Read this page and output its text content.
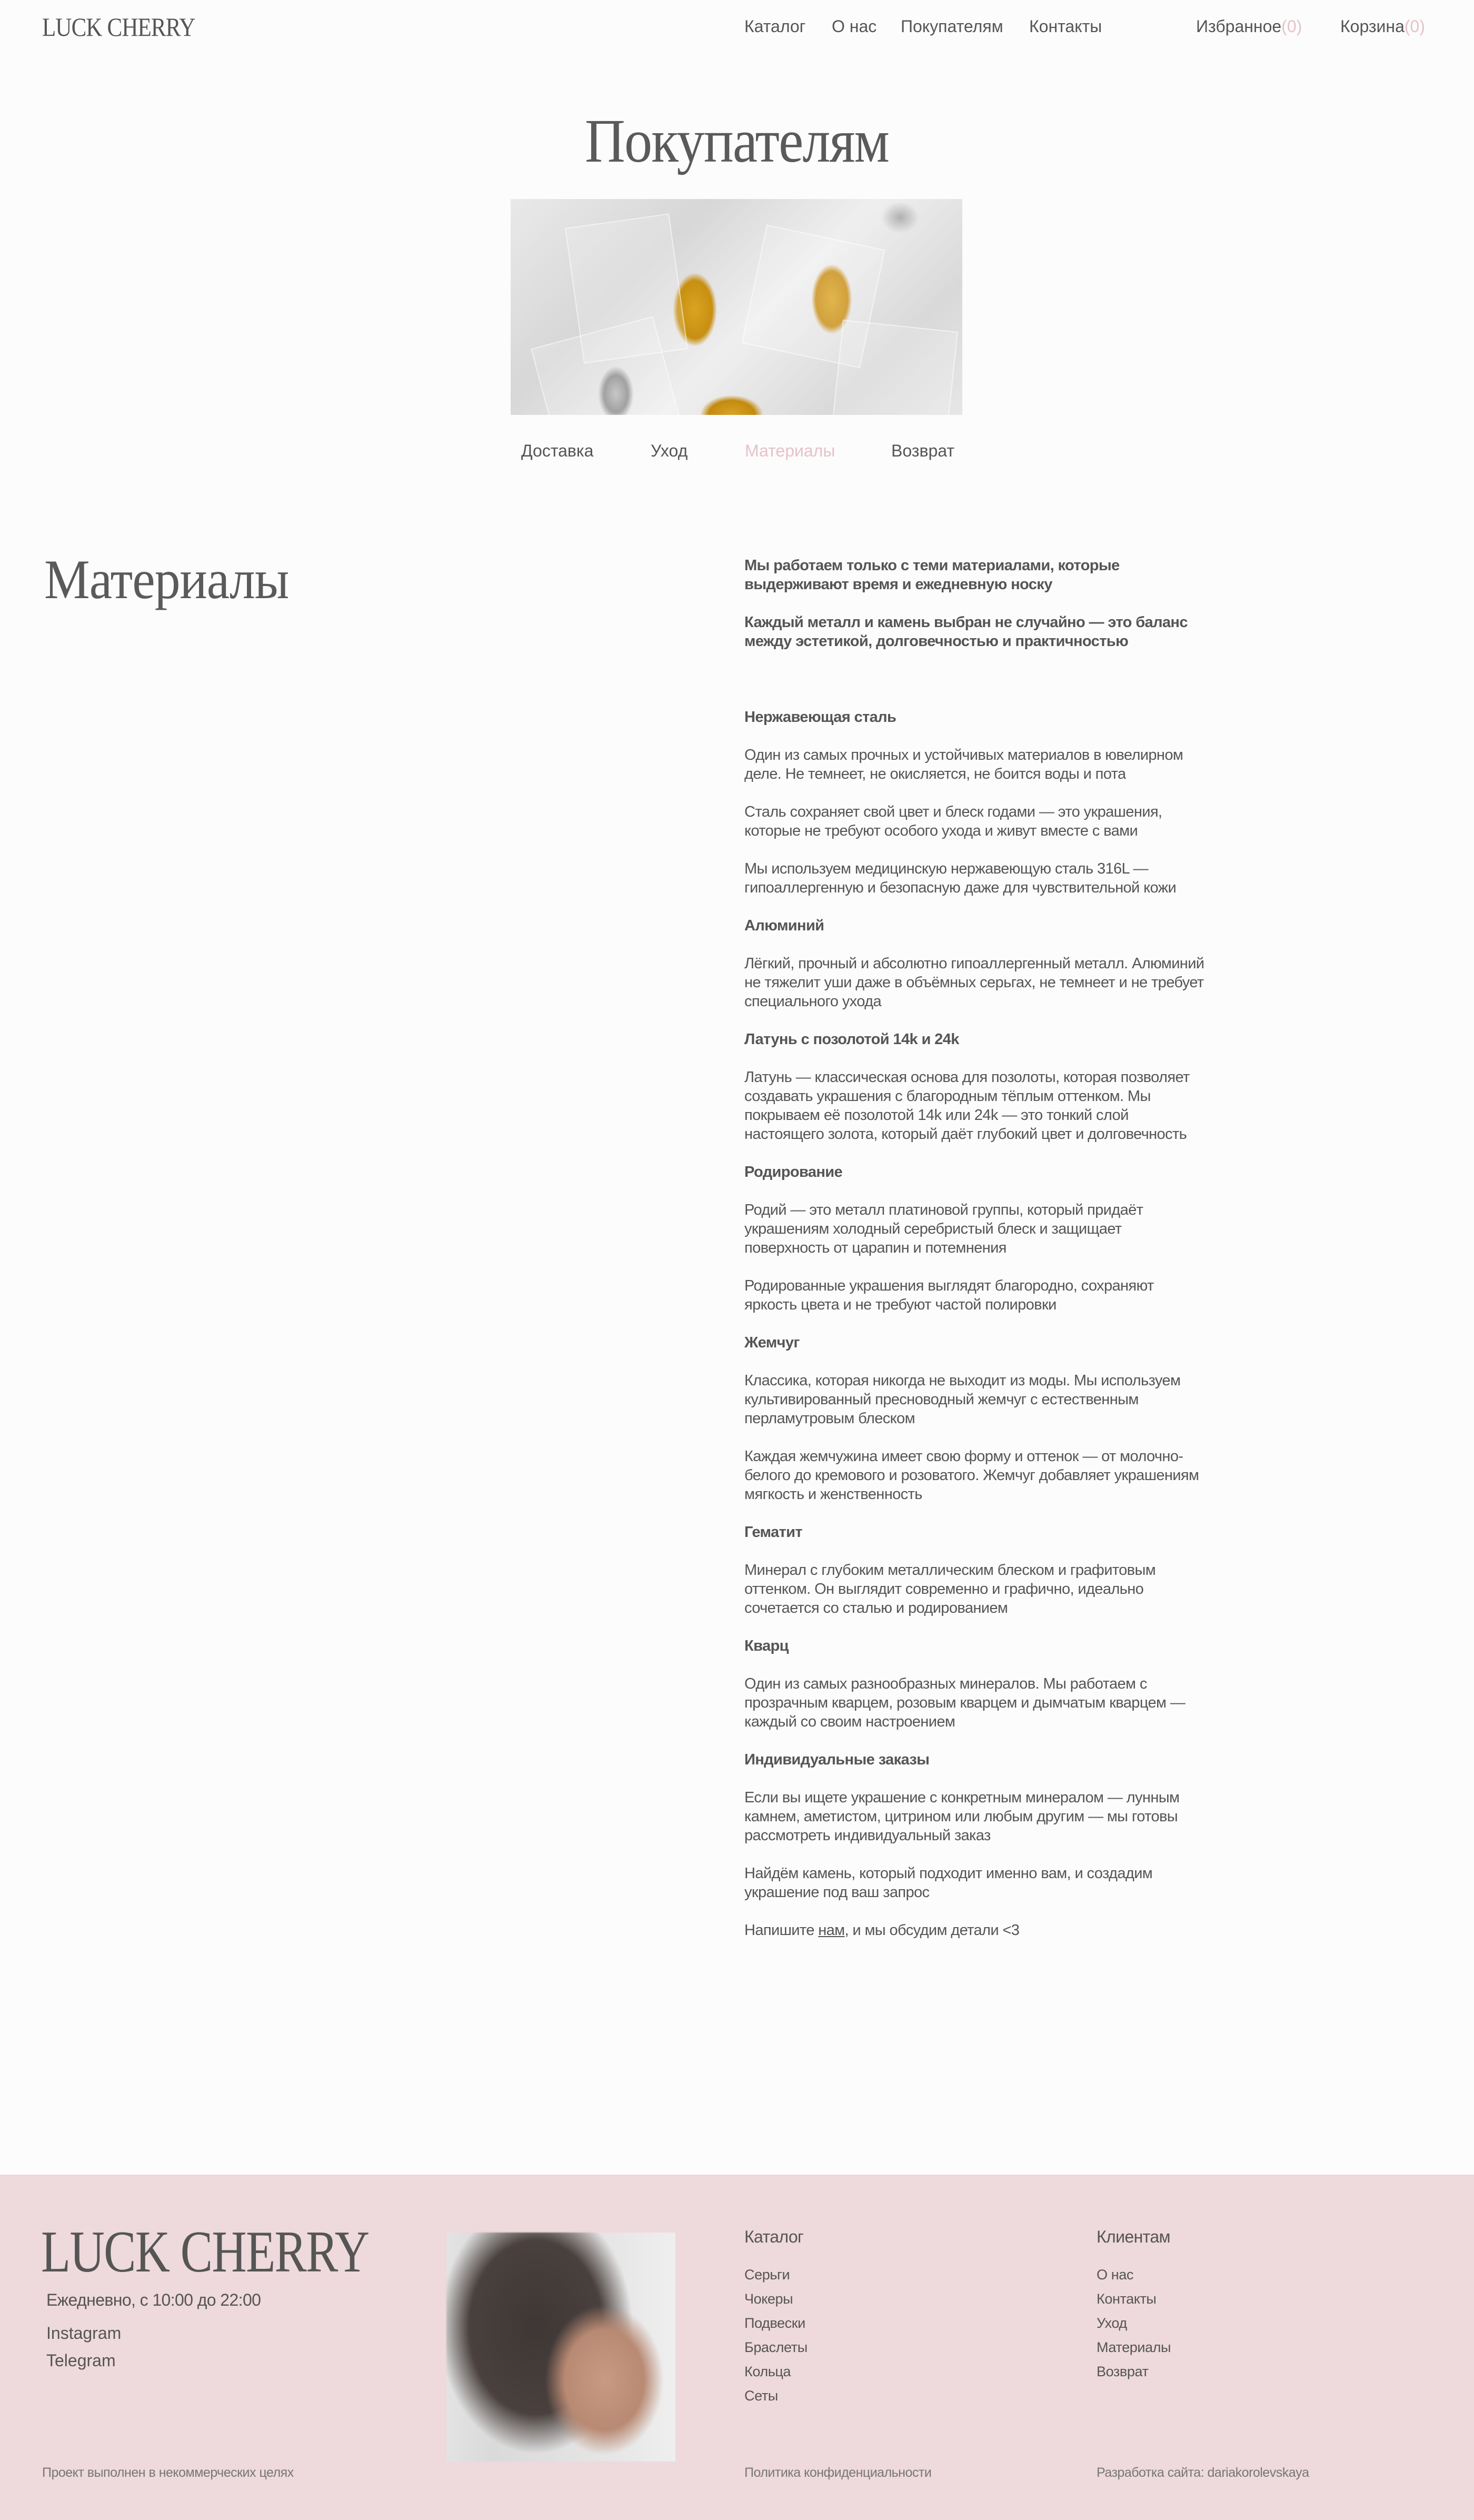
LUCK CHERRY	Каталог О нас Покупателям Контакты	Избранное(0) Корзина(0)
Покупателям
Доставка	Уход	Материалы	Возврат
Материалы	Мы работаем только с теми материалами, которые выдерживают время и ежедневную носку

Каждый металл и камень выбран не случайно — это баланс между эстетикой, долговечностью и практичностью

Нержавеющая сталь

Один из самых прочных и устойчивых материалов в ювелирном деле. Не темнеет, не окисляется, не боится воды и пота

Сталь сохраняет свой цвет и блеск годами — это украшения, которые не требуют особого ухода и живут вместе с вами

Мы используем медицинскую нержавеющую сталь 316L — гипоаллергенную и безопасную даже для чувствительной кожи

Алюминий

Лёгкий, прочный и абсолютно гипоаллергенный металл. Алюминий не тяжелит уши даже в объёмных серьгах, не темнеет и не требует специального ухода

Латунь с позолотой 14k и 24k

Латунь — классическая основа для позолоты, которая позволяет создавать украшения с благородным тёплым оттенком. Мы покрываем её позолотой 14k или 24k — это тонкий слой настоящего золота, который даёт глубокий цвет и долговечность

Родирование

Родий — это металл платиновой группы, который придаёт украшениям холодный серебристый блеск и защищает поверхность от царапин и потемнения

Родированные украшения выглядят благородно, сохраняют яркость цвета и не требуют частой полировки

Жемчуг

Классика, которая никогда не выходит из моды. Мы используем культивированный пресноводный жемчуг с естественным перламутровым блеском

Каждая жемчужина имеет свою форму и оттенок — от молочно-белого до кремового и розоватого. Жемчуг добавляет украшениям мягкость и женственность

Гематит

Минерал с глубоким металлическим блеском и графитовым оттенком. Он выглядит современно и графично, идеально сочетается со сталью и родированием

Кварц

Один из самых разнообразных минералов. Мы работаем с прозрачным кварцем, розовым кварцем и дымчатым кварцем — каждый со своим настроением

Индивидуальные заказы

Если вы ищете украшение с конкретным минералом — лунным камнем, аметистом, цитрином или любым другим — мы готовы рассмотреть индивидуальный заказ

Найдём камень, который подходит именно вам, и создадим украшение под ваш запрос

Напишите нам, и мы обсудим детали <3

LUCK CHERRY
Ежедневно, с 10:00 до 22:00
Instagram
Telegram
Каталог
Серьги
Чокеры
Подвески
Браслеты
Кольца
Сеты
Клиентам
О нас
Контакты
Уход
Материалы
Возврат
Проект выполнен в некоммерческих целях	Политика конфиденциальности	Разработка сайта: dariakorolevskaya
